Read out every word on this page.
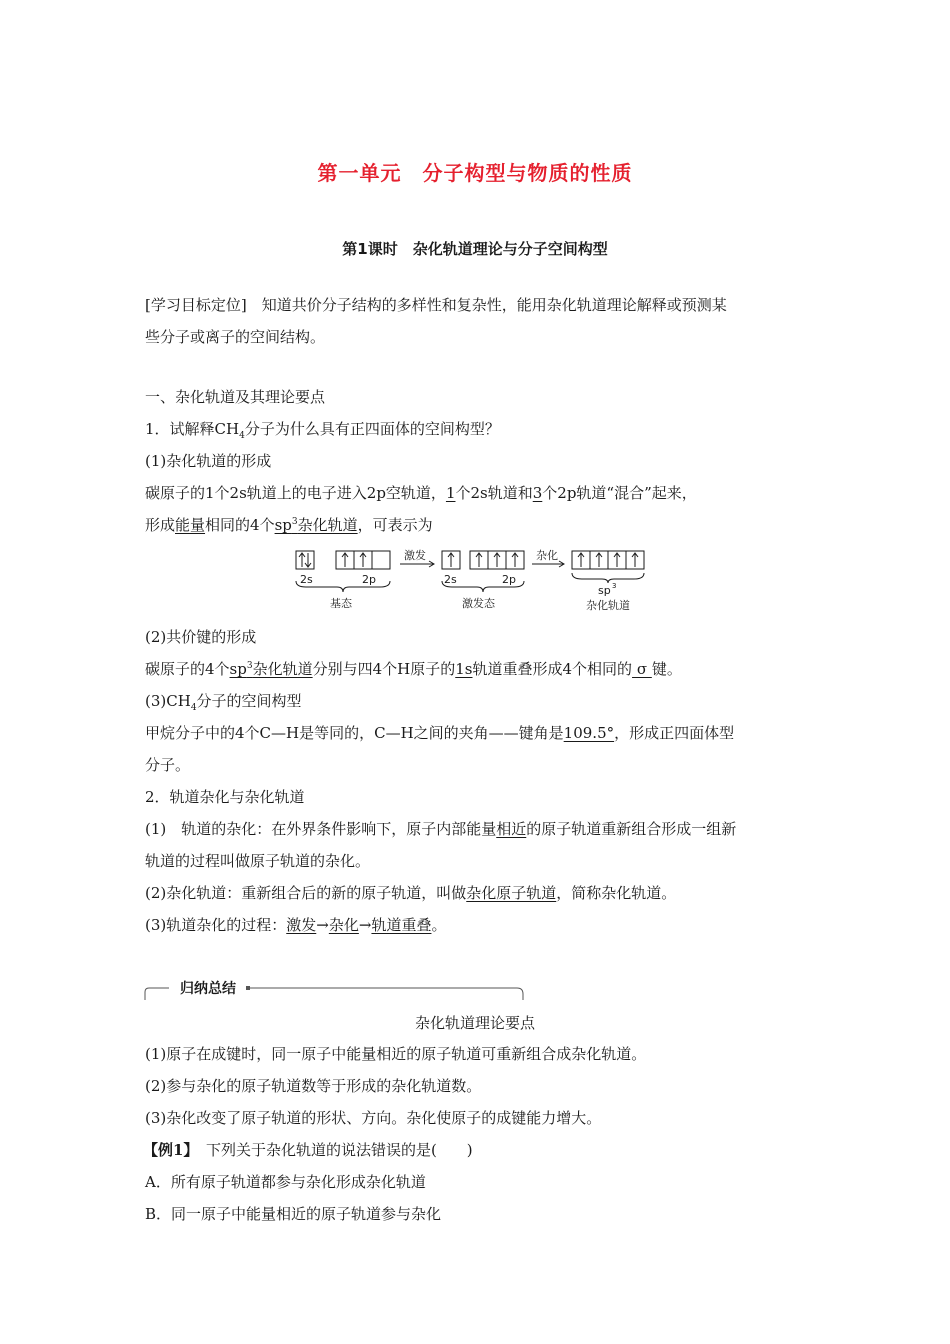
第一单元　分子构型与物质的性质
第1课时　杂化轨道理论与分子空间构型
[学习目标定位]　知道共价分子结构的多样性和复杂性，能用杂化轨道理论解释或预测某
些分子或离子的空间结构。
一、杂化轨道及其理论要点
1．试解释$CH_4$分子为什么具有正四面体的空间构型？
(1)杂化轨道的形成
碳原子的1个2s轨道上的电子进入2p空轨道，1个2s轨道和3个2p轨道“混合”起来，
形成能量相同的4个$sp^3$杂化轨道，可表示为
2s	2p
基态
激发
2s	2p
激发态
杂化
sp 3
杂化轨道
(2)共价键的形成
碳原子的4个$sp^3$杂化轨道分别与四4个H原子的1s轨道重叠形成4个相同的 σ 键。
$(3)CH_4$分子的空间构型
甲烷分子中的4个C—H是等同的，C—H之间的夹角——键角是109.5°，形成正四面体型
分子。
2．轨道杂化与杂化轨道
(1)　轨道的杂化：在外界条件影响下，原子内部能量相近的原子轨道重新组合形成一组新
轨道的过程叫做原子轨道的杂化。
(2)杂化轨道：重新组合后的新的原子轨道，叫做杂化原子轨道，简称杂化轨道。
(3)轨道杂化的过程：激发→杂化→轨道重叠。
归纳总结
杂化轨道理论要点
(1)原子在成键时，同一原子中能量相近的原子轨道可重新组合成杂化轨道。
(2)参与杂化的原子轨道数等于形成的杂化轨道数。
(3)杂化改变了原子轨道的形状、方向。杂化使原子的成键能力增大。
【例1】　下列关于杂化轨道的说法错误的是(　　)
A．所有原子轨道都参与杂化形成杂化轨道
B．同一原子中能量相近的原子轨道参与杂化
